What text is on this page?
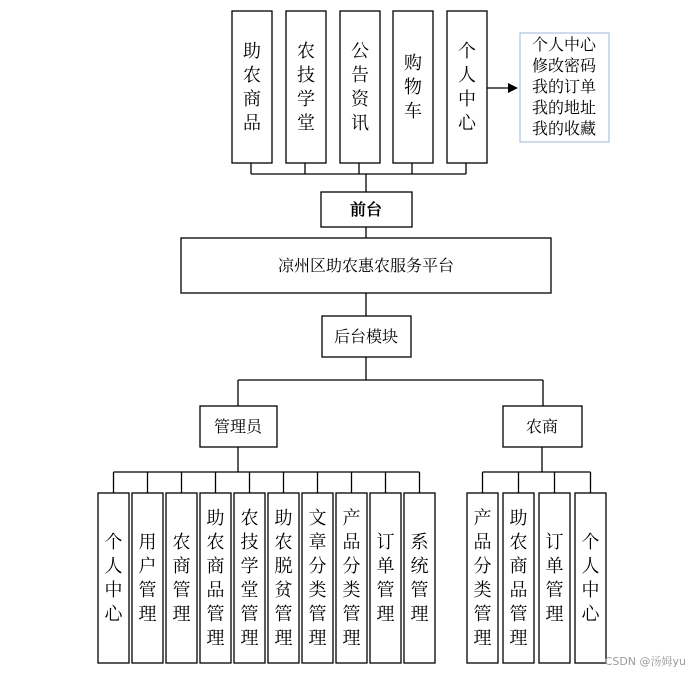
助农商品
农技学堂
公告资讯
购物车
个人中心
个人中心修改密码我的订单我的地址我的收藏
前台
凉州区助农惠农服务平台
后台模块
管理员	农商
个人中心
用户管理
农商管理
助农商品管理
农技学堂管理
助农脱贫管理
文章分类管理
产品分类管理
订单管理
系统管理
产品分类管理
助农商品管理
订单管理
个人中心
CSDN @汤姆yu
